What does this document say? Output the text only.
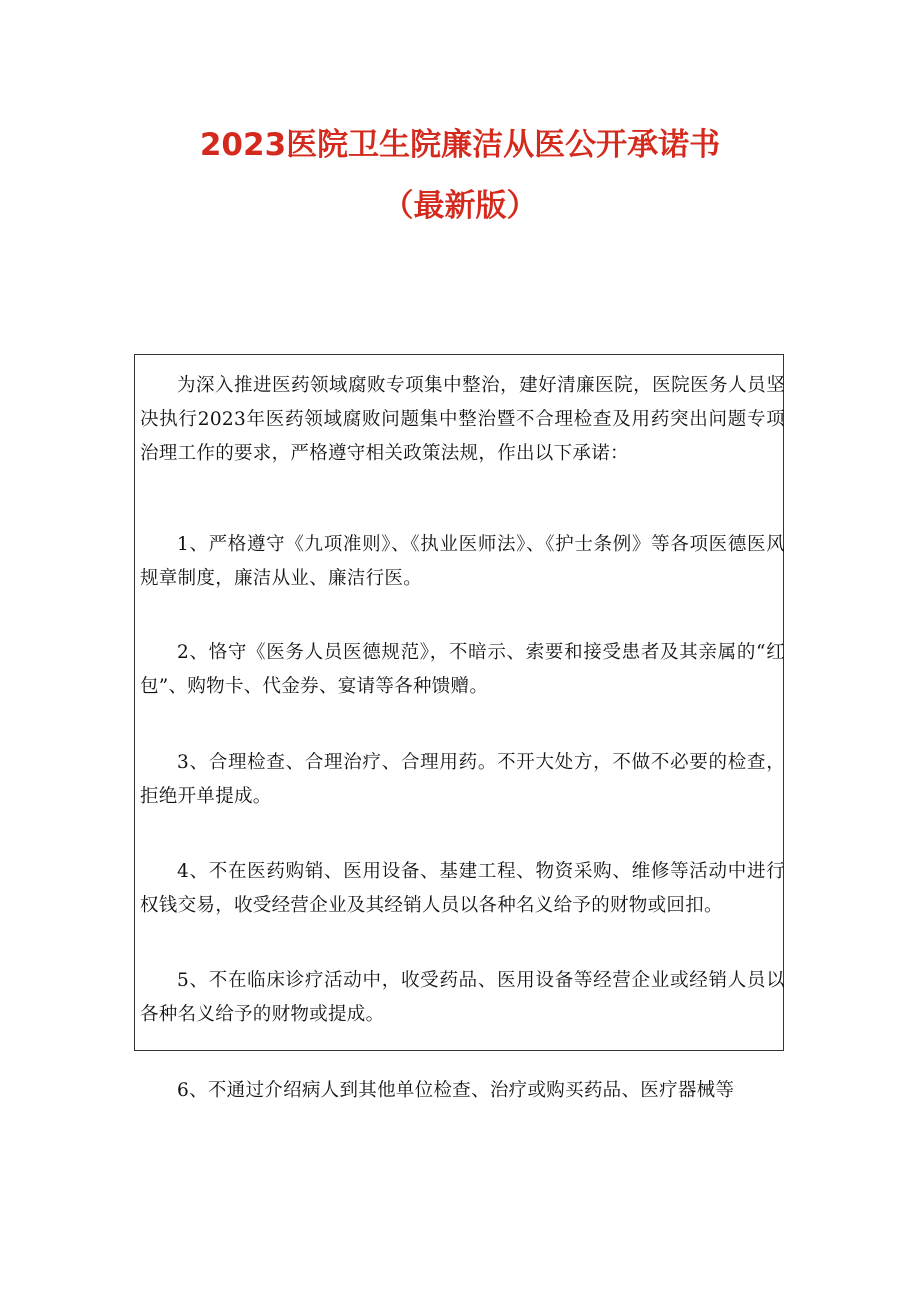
2023医院卫生院廉洁从医公开承诺书
（最新版）

为深入推进医药领域腐败专项集中整治，建好清廉医院，医院医务人员坚决执行2023年医药领域腐败问题集中整治暨不合理检查及用药突出问题专项治理工作的要求，严格遵守相关政策法规，作出以下承诺：

1、严格遵守《九项准则》、《执业医师法》、《护士条例》等各项医德医风规章制度，廉洁从业、廉洁行医。

2、恪守《医务人员医德规范》，不暗示、索要和接受患者及其亲属的“红包”、购物卡、代金券、宴请等各种馈赠。

3、合理检查、合理治疗、合理用药。不开大处方，不做不必要的检查，拒绝开单提成。

4、不在医药购销、医用设备、基建工程、物资采购、维修等活动中进行权钱交易，收受经营企业及其经销人员以各种名义给予的财物或回扣。

5、不在临床诊疗活动中，收受药品、医用设备等经营企业或经销人员以各种名义给予的财物或提成。

6、不通过介绍病人到其他单位检查、治疗或购买药品、医疗器械等
